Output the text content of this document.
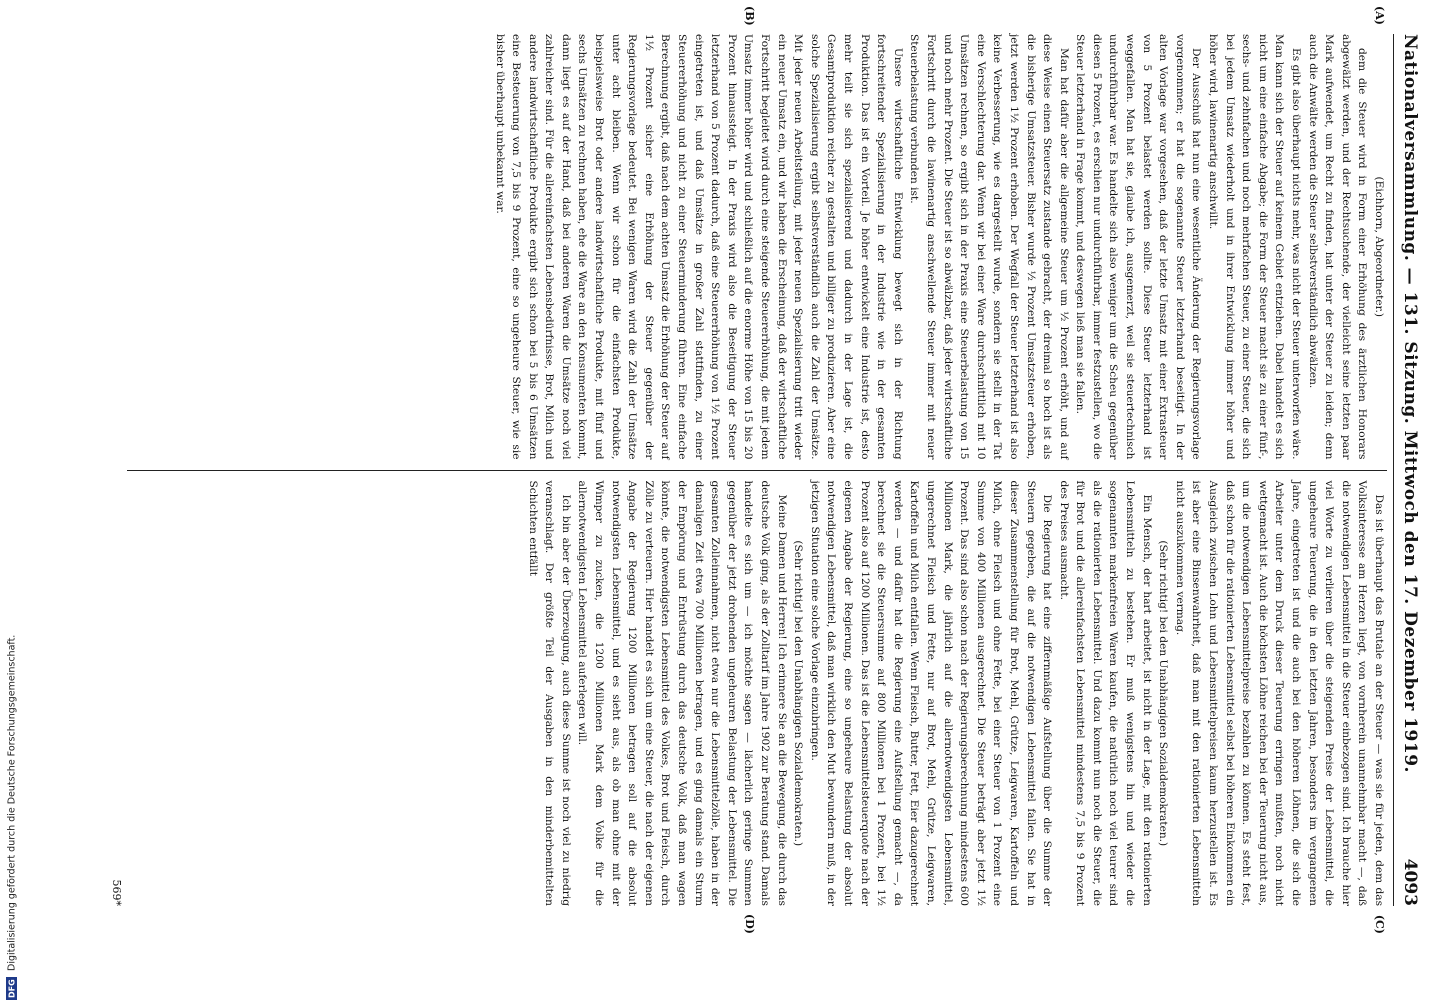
Nationalversammlung. — 131. Sitzung. Mittwoch den 17. Dezember 1919.
4093
(A)
(B)

(Eichhorn, Abgeordneter.)

dem die Steuer wird in Form einer Erhöhung des ärztlichen Honorars abgewälzt werden, und der Rechtsuchende, der vielleicht seine letzten paar Mark aufwendet, um Recht zu finden, hat unter der Steuer zu leiden; denn auch die Anwälte werden die Steuer selbstverständlich abwälzen.

Es gibt also überhaupt nichts mehr, was nicht der Steuer unterworfen wäre. Man kann sich der Steuer auf keinem Gebiet entziehen. Dabei handelt es sich nicht um eine einfache Abgabe; die Form der Steuer macht sie zu einer fünf-, sechs- und zehnfachen und noch mehrfachen Steuer, zu einer Steuer, die sich bei jedem Umsatz wiederholt und in ihrer Entwicklung immer höher und höher wird, lawinenartig anschwillt.

Der Ausschuß hat nun eine wesentliche Änderung der Regierungsvorlage vorgenommen; er hat die sogenannte Steuer letzterhand beseitigt. In der alten Vorlage war vorgesehen, daß der letzte Umsatz mit einer Extrasteuer von 5 Prozent belastet werden sollte. Diese Steuer letzterhand ist weggefallen. Man hat sie, glaube ich, ausgemerzt, weil sie steuertechnisch undurchführbar war. Es handelte sich also weniger um die Scheu gegenüber diesen 5 Prozent, es erschien nur undurchführbar, immer festzustellen, wo die Steuer letzterhand in Frage kommt, und deswegen ließ man sie fallen.

Man hat dafür aber die allgemeine Steuer um ½ Prozent erhöht, und auf diese Weise einen Steuersatz zustande gebracht, der dreimal so hoch ist als die bisherige Umsatzsteuer. Bisher wurde ½ Prozent Umsatzsteuer erhoben, jetzt werden 1½ Prozent erhoben. Der Wegfall der Steuer letzterhand ist also keine Verbesserung, wie es dargestellt wurde, sondern sie stellt in der Tat eine Verschlechterung dar. Wenn wir bei einer Ware durchschnittlich mit 10 Umsätzen rechnen, so ergibt sich in der Praxis eine Steuerbelastung von 15 und noch mehr Prozent. Die Steuer ist so abwälzbar, daß jeder wirtschaftliche Fortschritt durch die lawinenartig anschwellende Steuer immer mit neuer Steuerbelastung verbunden ist.

Unsere wirtschaftliche Entwicklung bewegt sich in der Richtung fortschreitender Spezialisierung in der Industrie wie in der gesamten Produktion. Das ist ein Vorteil. Je höher entwickelt eine Industrie ist, desto mehr teilt sie sich spezialisierend und dadurch in der Lage ist, die Gesamtproduktion reicher zu gestalten und billiger zu produzieren. Aber eine solche Spezialisierung ergibt selbstverständlich auch die Zahl der Umsätze. Mit jeder neuen Arbeitsteilung, mit jeder neuen Spezialisierung tritt wieder ein neuer Umsatz ein, und wir haben die Erscheinung, daß der wirtschaftliche Fortschritt begleitet wird durch eine steigende Steuererhöhung, die mit jedem Umsatz immer höher wird und schließlich auf die enorme Höhe von 15 bis 20 Prozent hinaussteigt. In der Praxis wird also die Beseitigung der Steuer letzterhand von 5 Prozent dadurch, daß eine Steuererhöhung von 1½ Prozent eingetreten ist, und daß Umsätze in großer Zahl stattfinden, zu einer Steuererhöhung und nicht zu einer Steuerminderung führen. Eine einfache Berechnung ergibt, daß nach dem achten Umsatz die Erhöhung der Steuer auf 1½ Prozent sicher eine Erhöhung der Steuer gegenüber der Regierungsvorlage bedeutet. Bei wenigen Waren wird die Zahl der Umsätze unter acht bleiben. Wenn wir schon für die einfachsten Produkte, beispielsweise Brot oder andere landwirtschaftliche Produkte, mit fünf und sechs Umsätzen zu rechnen haben, ehe die Ware an den Konsumenten kommt, dann liegt es auf der Hand, daß bei anderen Waren die Umsätze noch viel zahlreicher sind. Für die allereinfachsten Lebensbedürfnisse, Brot, Milch und andere landwirtschaftliche Produkte ergibt sich schon bei 5 bis 6 Umsätzen eine Besteuerung von 7,5 bis 9 Prozent, eine so ungeheure Steuer, wie sie bisher überhaupt unbekannt war.

(C)
(D)

Das ist überhaupt das Brutale an der Steuer — was sie für jeden, dem das Volksinteresse am Herzen liegt, von vornherein unannehmbar macht —, daß die notwendigen Lebensmittel in die Steuer einbezogen sind. Ich brauche hier viel Worte zu verlieren über die steigenden Preise der Lebensmittel, die ungeheure Teuerung, die in den letzten Jahren, besonders im vergangenen Jahre, eingetreten ist und die auch bei den höheren Löhnen, die sich die Arbeiter unter dem Druck dieser Teuerung erringen mußten, noch nicht wettgemacht ist. Auch die höchsten Löhne reichen bei der Teuerung nicht aus, um die notwendigen Lebensmittelpreise bezahlen zu können. Es steht fest, daß schon für die rationierten Lebensmittel selbst bei höheren Einkommen ein Ausgleich zwischen Lohn und Lebensmittelpreisen kaum herzustellen ist. Es ist aber eine Binsenwahrheit, daß man mit den rationierten Lebensmitteln nicht auszukommen vermag.

(Sehr richtig! bei den Unabhängigen Sozialdemokraten.)

Ein Mensch, der hart arbeitet, ist nicht in der Lage, mit den rationierten Lebensmitteln zu bestehen. Er muß wenigstens hin und wieder die sogenannten markenfreien Waren kaufen, die natürlich noch viel teurer sind als die rationierten Lebensmittel. Und dazu kommt nun noch die Steuer, die für Brot und die allereinfachsten Lebensmittel mindestens 7,5 bis 9 Prozent des Preises ausmacht.

Die Regierung hat eine ziffernmäßige Aufstellung über die Summe der Steuern gegeben, die auf die notwendigen Lebensmittel fallen. Sie hat in dieser Zusammenstellung für Brot, Mehl, Grütze, Leigwaren, Kartoffeln und Milch, ohne Fleisch und ohne Fette, bei einer Steuer von 1 Prozent eine Summe von 400 Millionen ausgerechnet. Die Steuer beträgt aber jetzt 1½ Prozent. Das sind also schon nach der Regierungsberechnung mindestens 600 Millionen Mark, die jährlich auf die allernotwendigsten Lebensmittel, ungerechnet Fleisch und Fette, nur auf Brot, Mehl, Grütze, Leigwaren, Kartoffeln und Milch entfallen. Wenn Fleisch, Butter, Fett, Eier dazugerechnet werden — und dafür hat die Regierung eine Aufstellung gemacht —, da berechnet sie die Steuersumme auf 800 Millionen bei 1 Prozent, bei 1½ Prozent also auf 1200 Millionen. Das ist die Lebensmittelsteuerquote nach der eigenen Angabe der Regierung, eine so ungeheure Belastung der absolut notwendigen Lebensmittel, daß man wirklich den Mut bewundern muß, in der jetzigen Situation eine solche Vorlage einzubringen.

(Sehr richtig! bei den Unabhängigen Sozialdemokraten.)

Meine Damen und Herren! Ich erinnere Sie an die Bewegung, die durch das deutsche Volk ging, als der Zolltarif im Jahre 1902 zur Beratung stand. Damals handelte es sich um — ich möchte sagen — lächerlich geringe Summen gegenüber der jetzt drohenden ungeheuren Belastung der Lebensmittel. Die gesamten Zolleinnahmen, nicht etwa nur die Lebensmittelzölle, haben in der damaligen Zeit etwa 700 Millionen betragen, und es ging damals ein Sturm der Empörung und Entrüstung durch das deutsche Volk, daß man wagen könnte, die notwendigsten Lebensmittel des Volkes, Brot und Fleisch, durch Zölle zu verteuern. Hier handelt es sich um eine Steuer, die nach der eigenen Angabe der Regierung 1200 Millionen betragen soll auf die absolut notwendigsten Lebensmittel, und es sieht aus, als ob man ohne mit der Wimper zu zucken, die 1200 Millionen Mark dem Volke für die allernotwendigsten Lebensmittel auferlegen will.

Ich bin aber der Überzeugung, auch diese Summe ist noch viel zu niedrig veranschlagt. Der größte Teil der Ausgaben in den minderbemittelten Schichten entfällt

569*
DFG
Digitalisierung gefördert durch die Deutsche Forschungsgemeinschaft.
